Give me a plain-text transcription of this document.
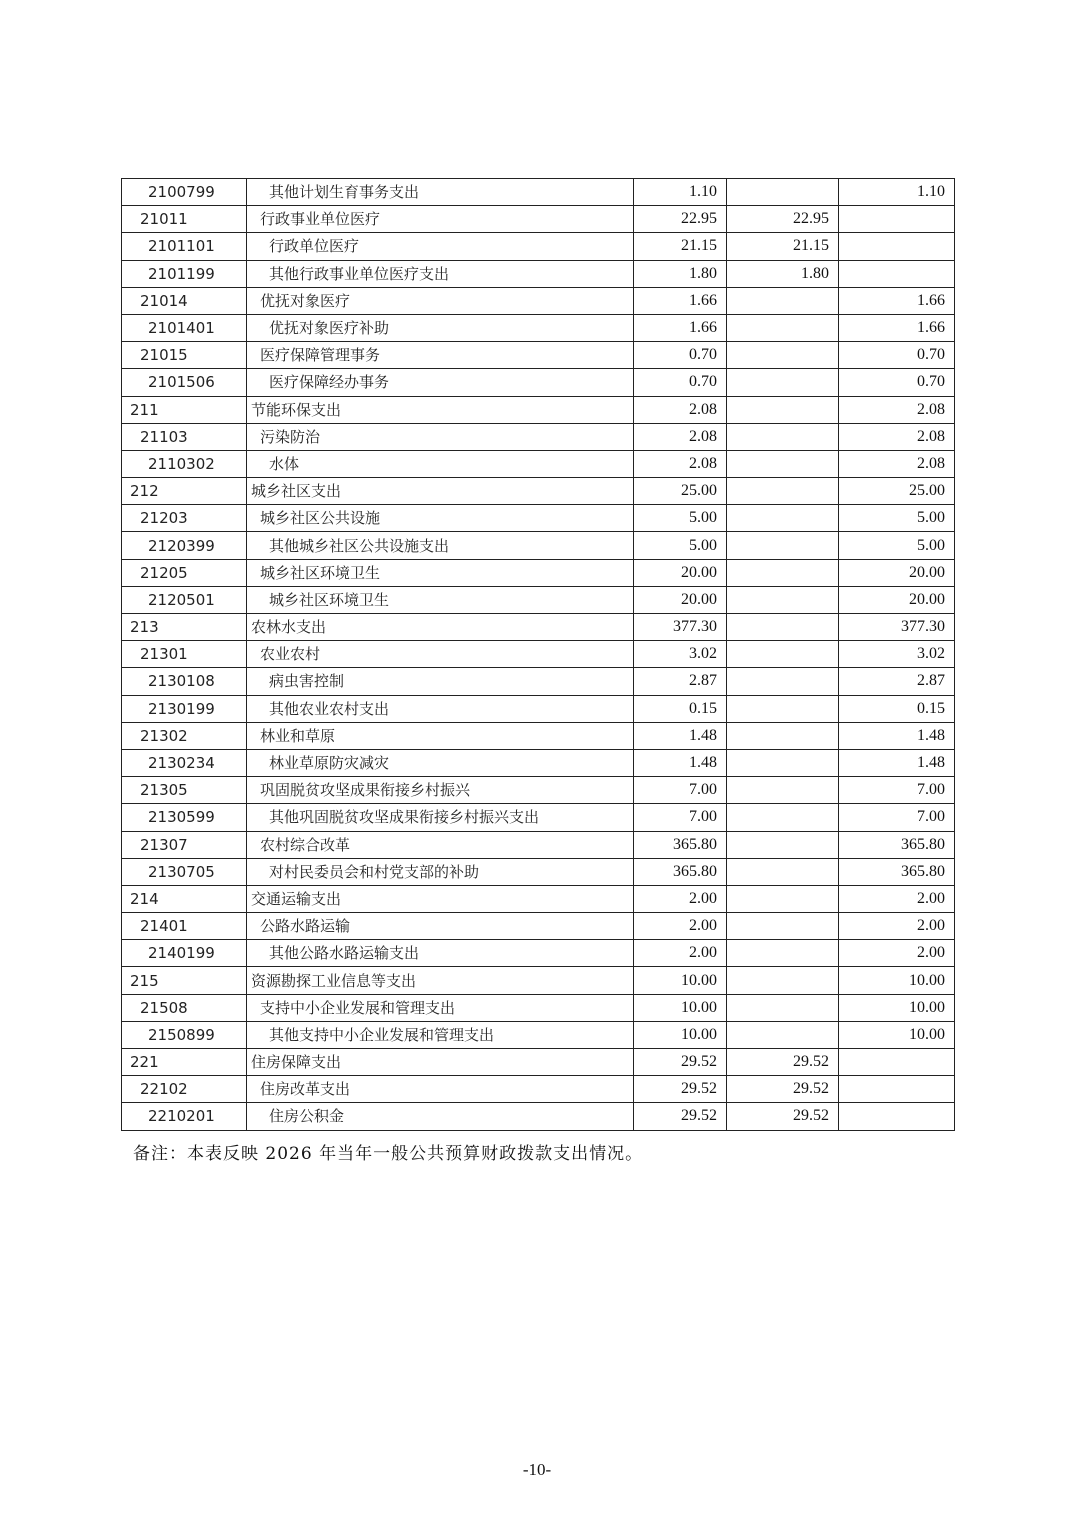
2100799	其他计划生育事务支出	1.10		1.10
21011	行政事业单位医疗	22.95	22.95	
2101101	行政单位医疗	21.15	21.15	
2101199	其他行政事业单位医疗支出	1.80	1.80	
21014	优抚对象医疗	1.66		1.66
2101401	优抚对象医疗补助	1.66		1.66
21015	医疗保障管理事务	0.70		0.70
2101506	医疗保障经办事务	0.70		0.70
211	节能环保支出	2.08		2.08
21103	污染防治	2.08		2.08
2110302	水体	2.08		2.08
212	城乡社区支出	25.00		25.00
21203	城乡社区公共设施	5.00		5.00
2120399	其他城乡社区公共设施支出	5.00		5.00
21205	城乡社区环境卫生	20.00		20.00
2120501	城乡社区环境卫生	20.00		20.00
213	农林水支出	377.30		377.30
21301	农业农村	3.02		3.02
2130108	病虫害控制	2.87		2.87
2130199	其他农业农村支出	0.15		0.15
21302	林业和草原	1.48		1.48
2130234	林业草原防灾减灾	1.48		1.48
21305	巩固脱贫攻坚成果衔接乡村振兴	7.00		7.00
2130599	其他巩固脱贫攻坚成果衔接乡村振兴支出	7.00		7.00
21307	农村综合改革	365.80		365.80
2130705	对村民委员会和村党支部的补助	365.80		365.80
214	交通运输支出	2.00		2.00
21401	公路水路运输	2.00		2.00
2140199	其他公路水路运输支出	2.00		2.00
215	资源勘探工业信息等支出	10.00		10.00
21508	支持中小企业发展和管理支出	10.00		10.00
2150899	其他支持中小企业发展和管理支出	10.00		10.00
221	住房保障支出	29.52	29.52	
22102	住房改革支出	29.52	29.52	
2210201	住房公积金	29.52	29.52	
备注：本表反映 2026 年当年一般公共预算财政拨款支出情况。
-10-
